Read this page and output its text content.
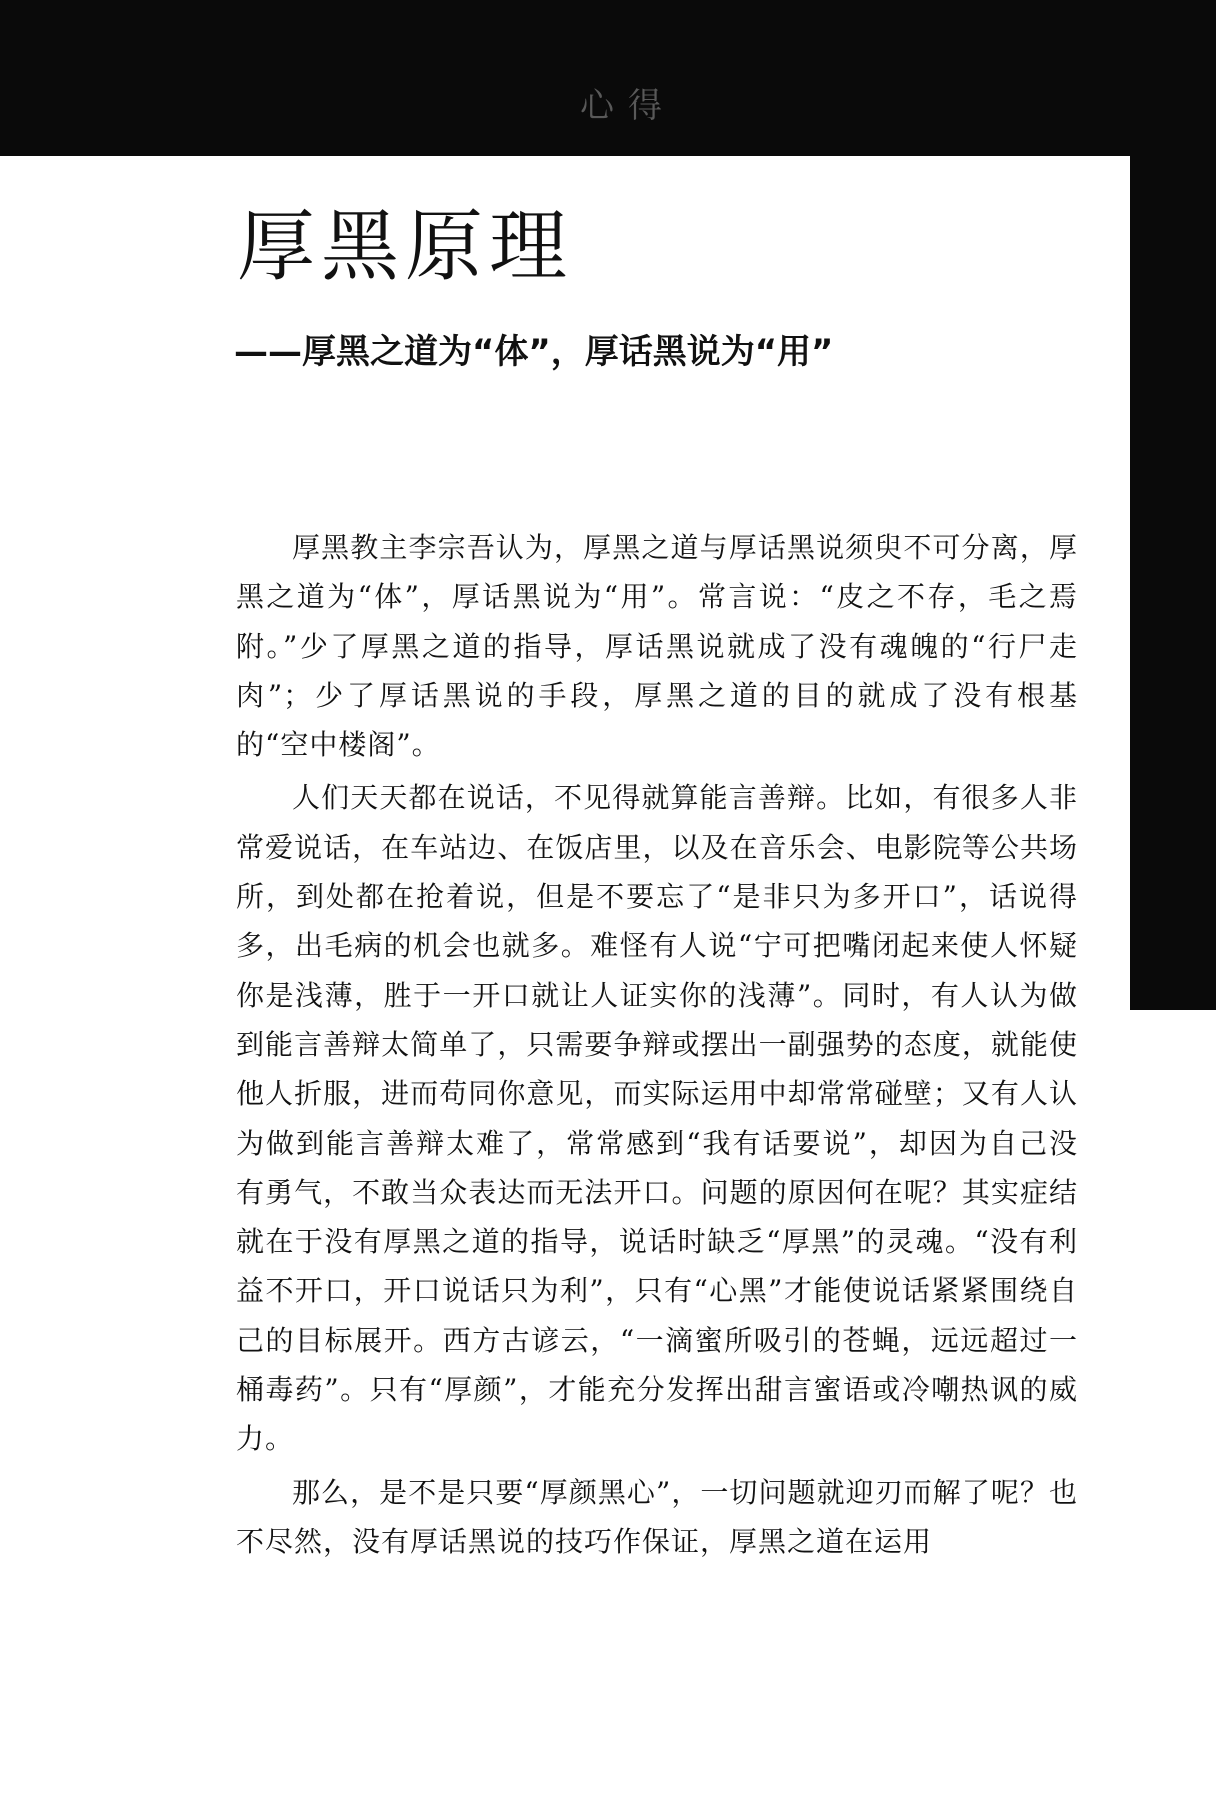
心得
厚黑原理
——厚黑之道为“体”，厚话黑说为“用”

厚黑教主李宗吾认为，厚黑之道与厚话黑说须臾不可分离，厚黑之道为“体”，厚话黑说为“用”。常言说：“皮之不存，毛之焉附。”少了厚黑之道的指导，厚话黑说就成了没有魂魄的“行尸走肉”；少了厚话黑说的手段，厚黑之道的目的就成了没有根基的“空中楼阁”。

人们天天都在说话，不见得就算能言善辩。比如，有很多人非常爱说话，在车站边、在饭店里，以及在音乐会、电影院等公共场所，到处都在抢着说，但是不要忘了“是非只为多开口”，话说得多，出毛病的机会也就多。难怪有人说“宁可把嘴闭起来使人怀疑你是浅薄，胜于一开口就让人证实你的浅薄”。同时，有人认为做到能言善辩太简单了，只需要争辩或摆出一副强势的态度，就能使他人折服，进而苟同你意见，而实际运用中却常常碰壁；又有人认为做到能言善辩太难了，常常感到“我有话要说”，却因为自己没有勇气，不敢当众表达而无法开口。问题的原因何在呢？其实症结就在于没有厚黑之道的指导，说话时缺乏“厚黑”的灵魂。“没有利益不开口，开口说话只为利”，只有“心黑”才能使说话紧紧围绕自己的目标展开。西方古谚云，“一滴蜜所吸引的苍蝇，远远超过一桶毒药”。只有“厚颜”，才能充分发挥出甜言蜜语或冷嘲热讽的威力。

那么，是不是只要“厚颜黑心”，一切问题就迎刃而解了呢？也不尽然，没有厚话黑说的技巧作保证，厚黑之道在运用
